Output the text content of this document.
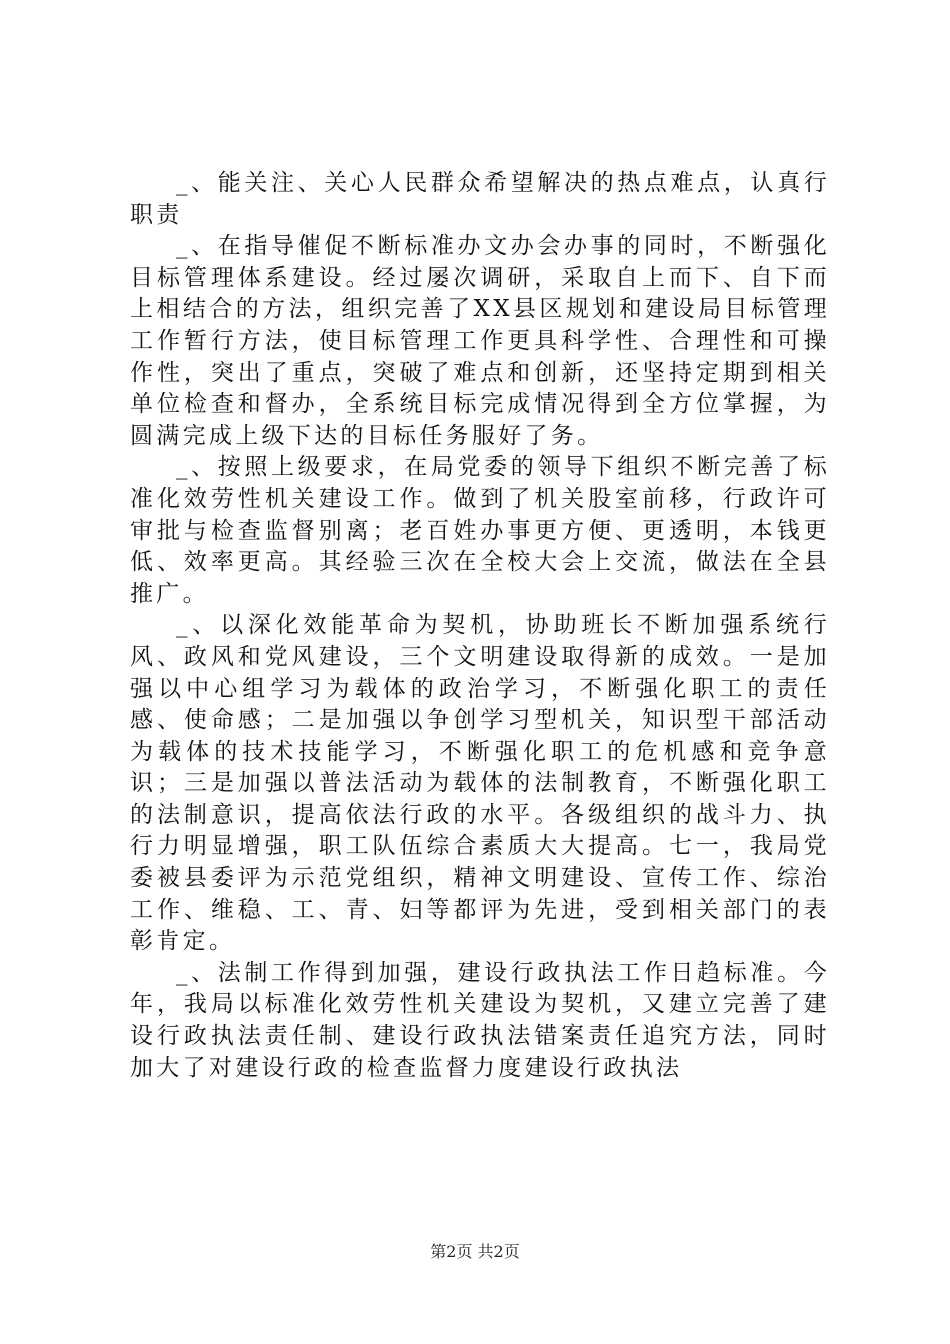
_、能关注、关心人民群众希望解决的热点难点，认真行职责

_、在指导催促不断标准办文办会办事的同时，不断强化目标管理体系建设。经过屡次调研，采取自上而下、自下而上相结合的方法，组织完善了XX县区规划和建设局目标管理工作暂行方法，使目标管理工作更具科学性、合理性和可操作性，突出了重点，突破了难点和创新，还坚持定期到相关单位检查和督办，全系统目标完成情况得到全方位掌握，为圆满完成上级下达的目标任务服好了务。

_、按照上级要求，在局党委的领导下组织不断完善了标准化效劳性机关建设工作。做到了机关股室前移，行政许可审批与检查监督别离；老百姓办事更方便、更透明，本钱更低、效率更高。其经验三次在全校大会上交流，做法在全县推广。

_、以深化效能革命为契机，协助班长不断加强系统行风、政风和党风建设，三个文明建设取得新的成效。一是加强以中心组学习为载体的政治学习，不断强化职工的责任感、使命感；二是加强以争创学习型机关，知识型干部活动为载体的技术技能学习，不断强化职工的危机感和竞争意识；三是加强以普法活动为载体的法制教育，不断强化职工的法制意识，提高依法行政的水平。各级组织的战斗力、执行力明显增强，职工队伍综合素质大大提高。七一，我局党委被县委评为示范党组织，精神文明建设、宣传工作、综治工作、维稳、工、青、妇等都评为先进，受到相关部门的表彰肯定。

_、法制工作得到加强，建设行政执法工作日趋标准。今年，我局以标准化效劳性机关建设为契机，又建立完善了建设行政执法责任制、建设行政执法错案责任追究方法，同时加大了对建设行政的检查监督力度建设行政执法

第2页 共2页
